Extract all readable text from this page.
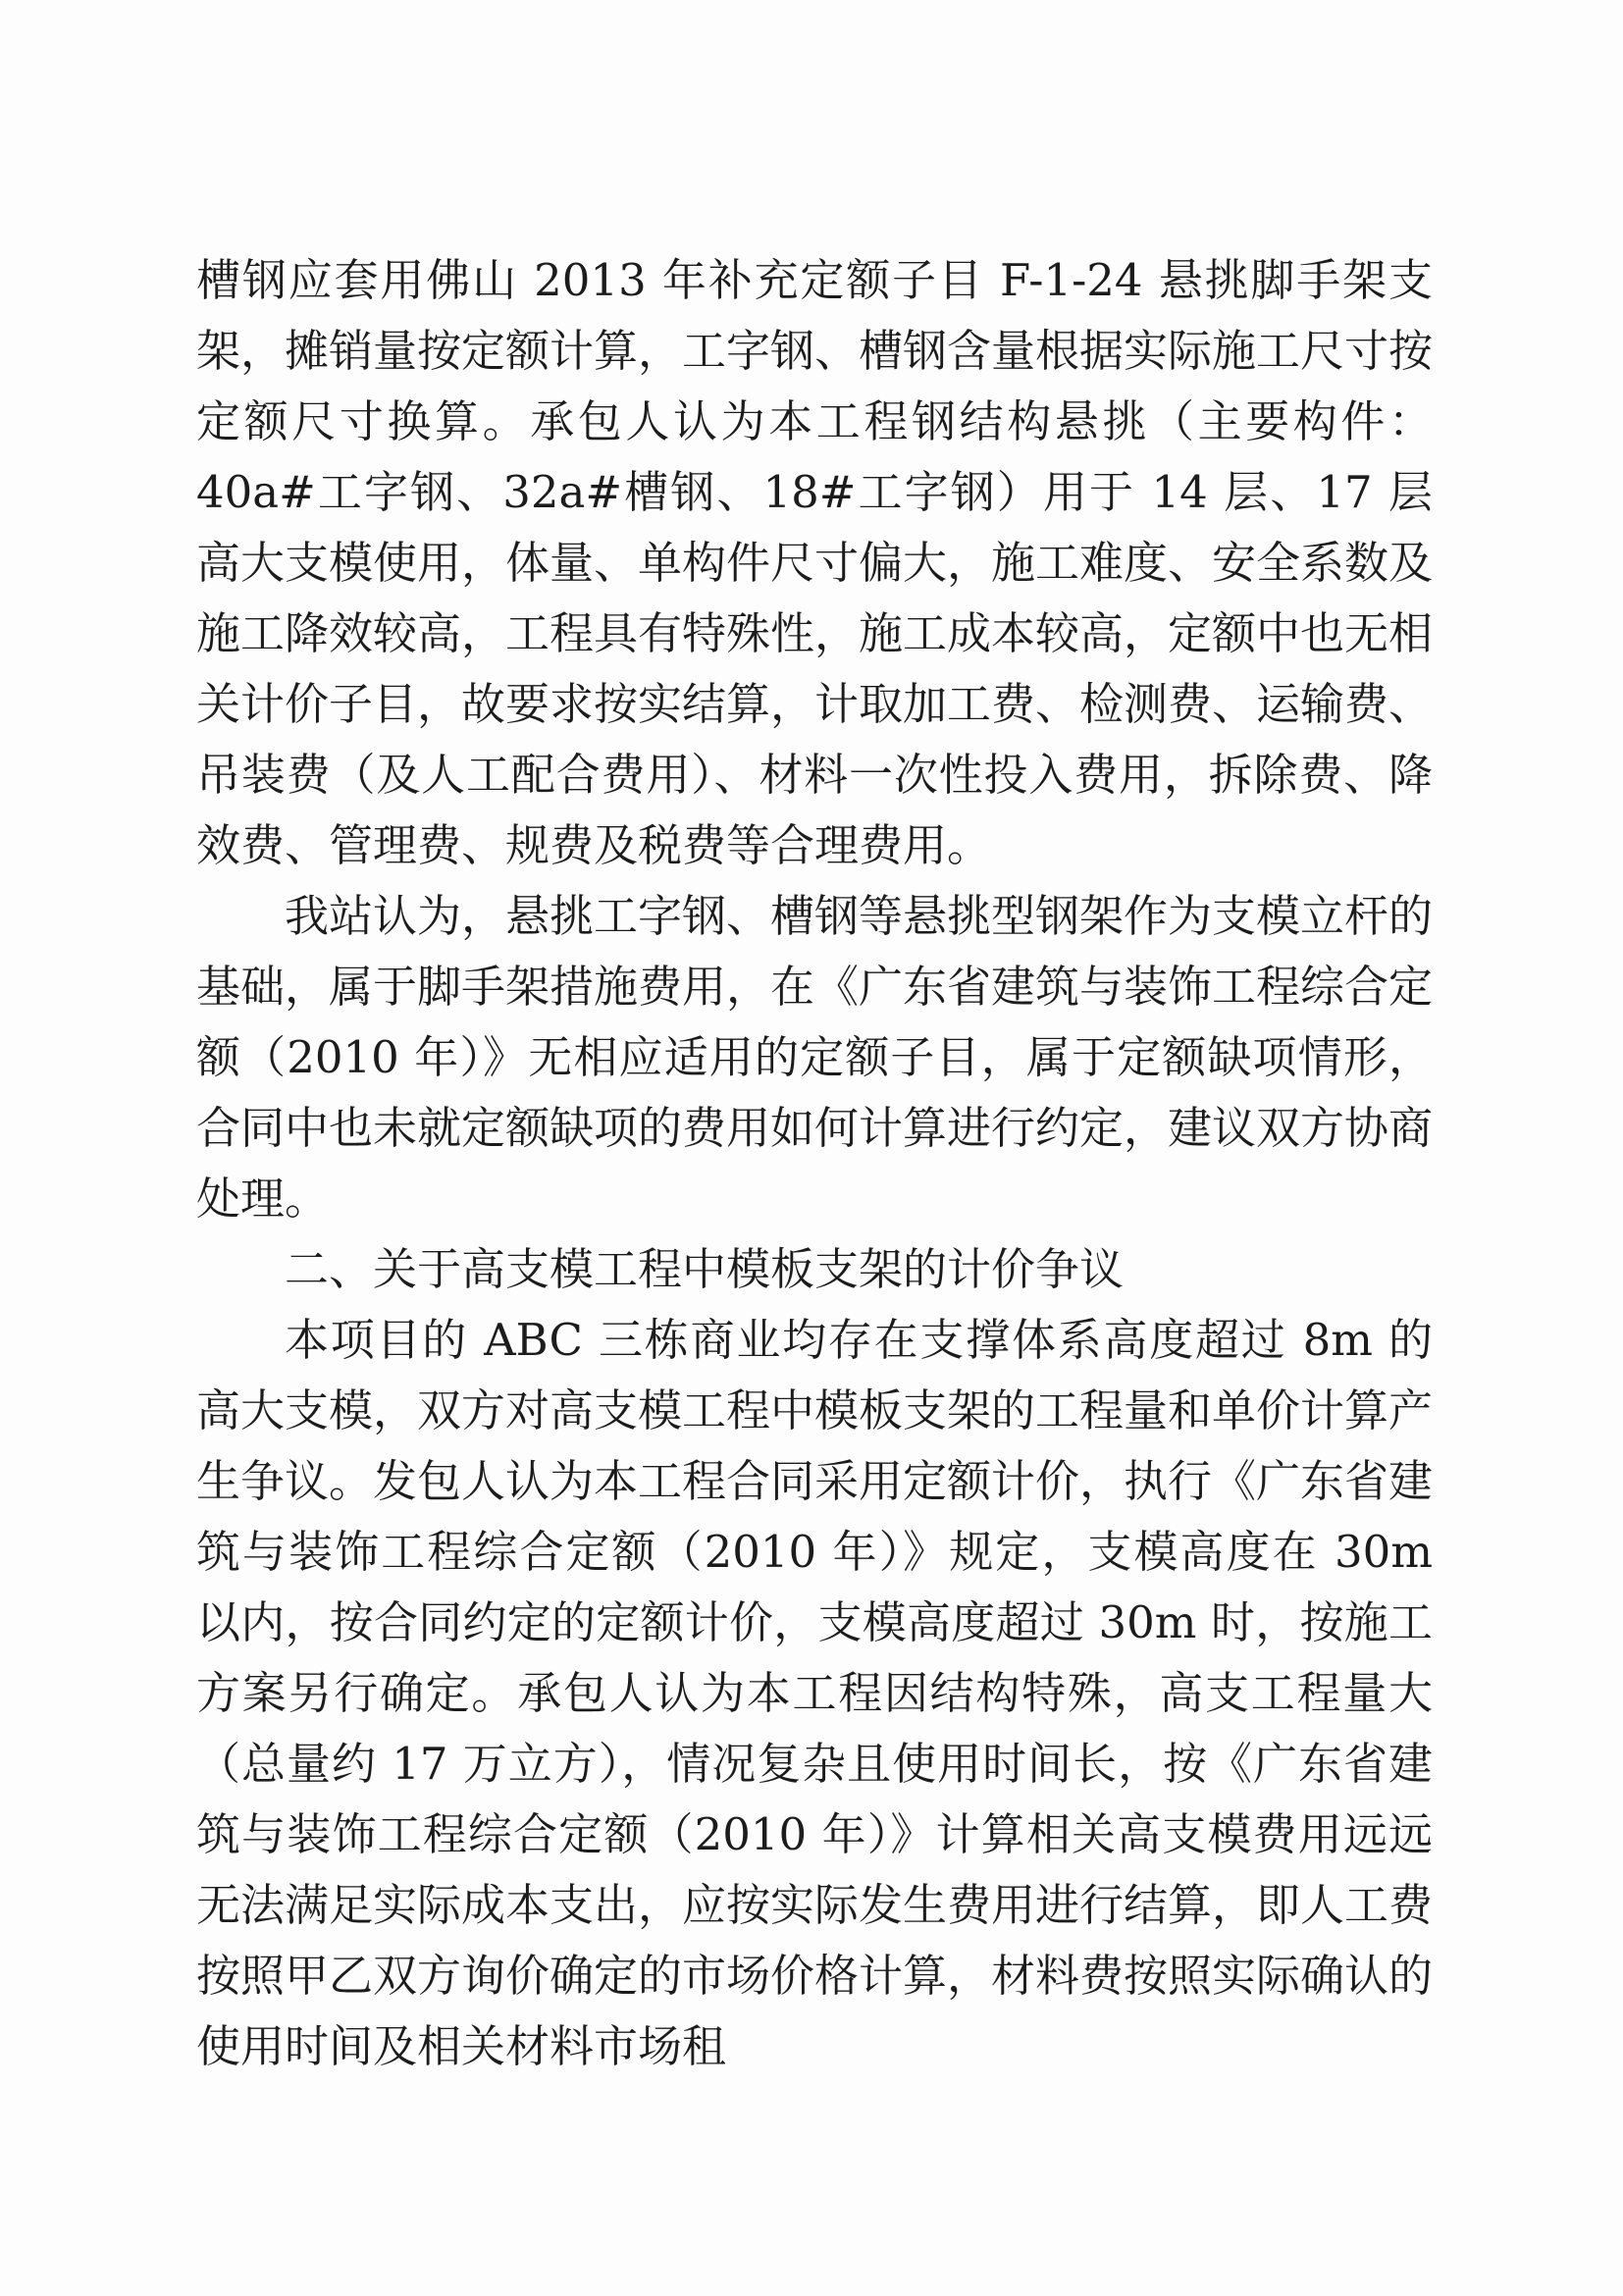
槽钢应套用佛山 2013 年补充定额子目 F-1-24 悬挑脚手架支架，摊销量按定额计算，工字钢、槽钢含量根据实际施工尺寸按定额尺寸换算。承包人认为本工程钢结构悬挑（主要构件：40a#工字钢、32a#槽钢、18#工字钢）用于 14 层、17 层高大支模使用，体量、单构件尺寸偏大，施工难度、安全系数及施工降效较高，工程具有特殊性，施工成本较高，定额中也无相关计价子目，故要求按实结算，计取加工费、检测费、运输费、吊装费（及人工配合费用）、材料一次性投入费用，拆除费、降效费、管理费、规费及税费等合理费用。

我站认为，悬挑工字钢、槽钢等悬挑型钢架作为支模立杆的基础，属于脚手架措施费用，在《广东省建筑与装饰工程综合定额（2010 年）》无相应适用的定额子目，属于定额缺项情形，合同中也未就定额缺项的费用如何计算进行约定，建议双方协商处理。

二、关于高支模工程中模板支架的计价争议

本项目的 ABC 三栋商业均存在支撑体系高度超过 8m 的高大支模，双方对高支模工程中模板支架的工程量和单价计算产生争议。发包人认为本工程合同采用定额计价，执行《广东省建筑与装饰工程综合定额（2010 年）》规定，支模高度在 30m 以内，按合同约定的定额计价，支模高度超过 30m 时，按施工方案另行确定。承包人认为本工程因结构特殊，高支工程量大（总量约 17 万立方），情况复杂且使用时间长，按《广东省建筑与装饰工程综合定额（2010 年）》计算相关高支模费用远远无法满足实际成本支出，应按实际发生费用进行结算，即人工费按照甲乙双方询价确定的市场价格计算，材料费按照实际确认的使用时间及相关材料市场租
